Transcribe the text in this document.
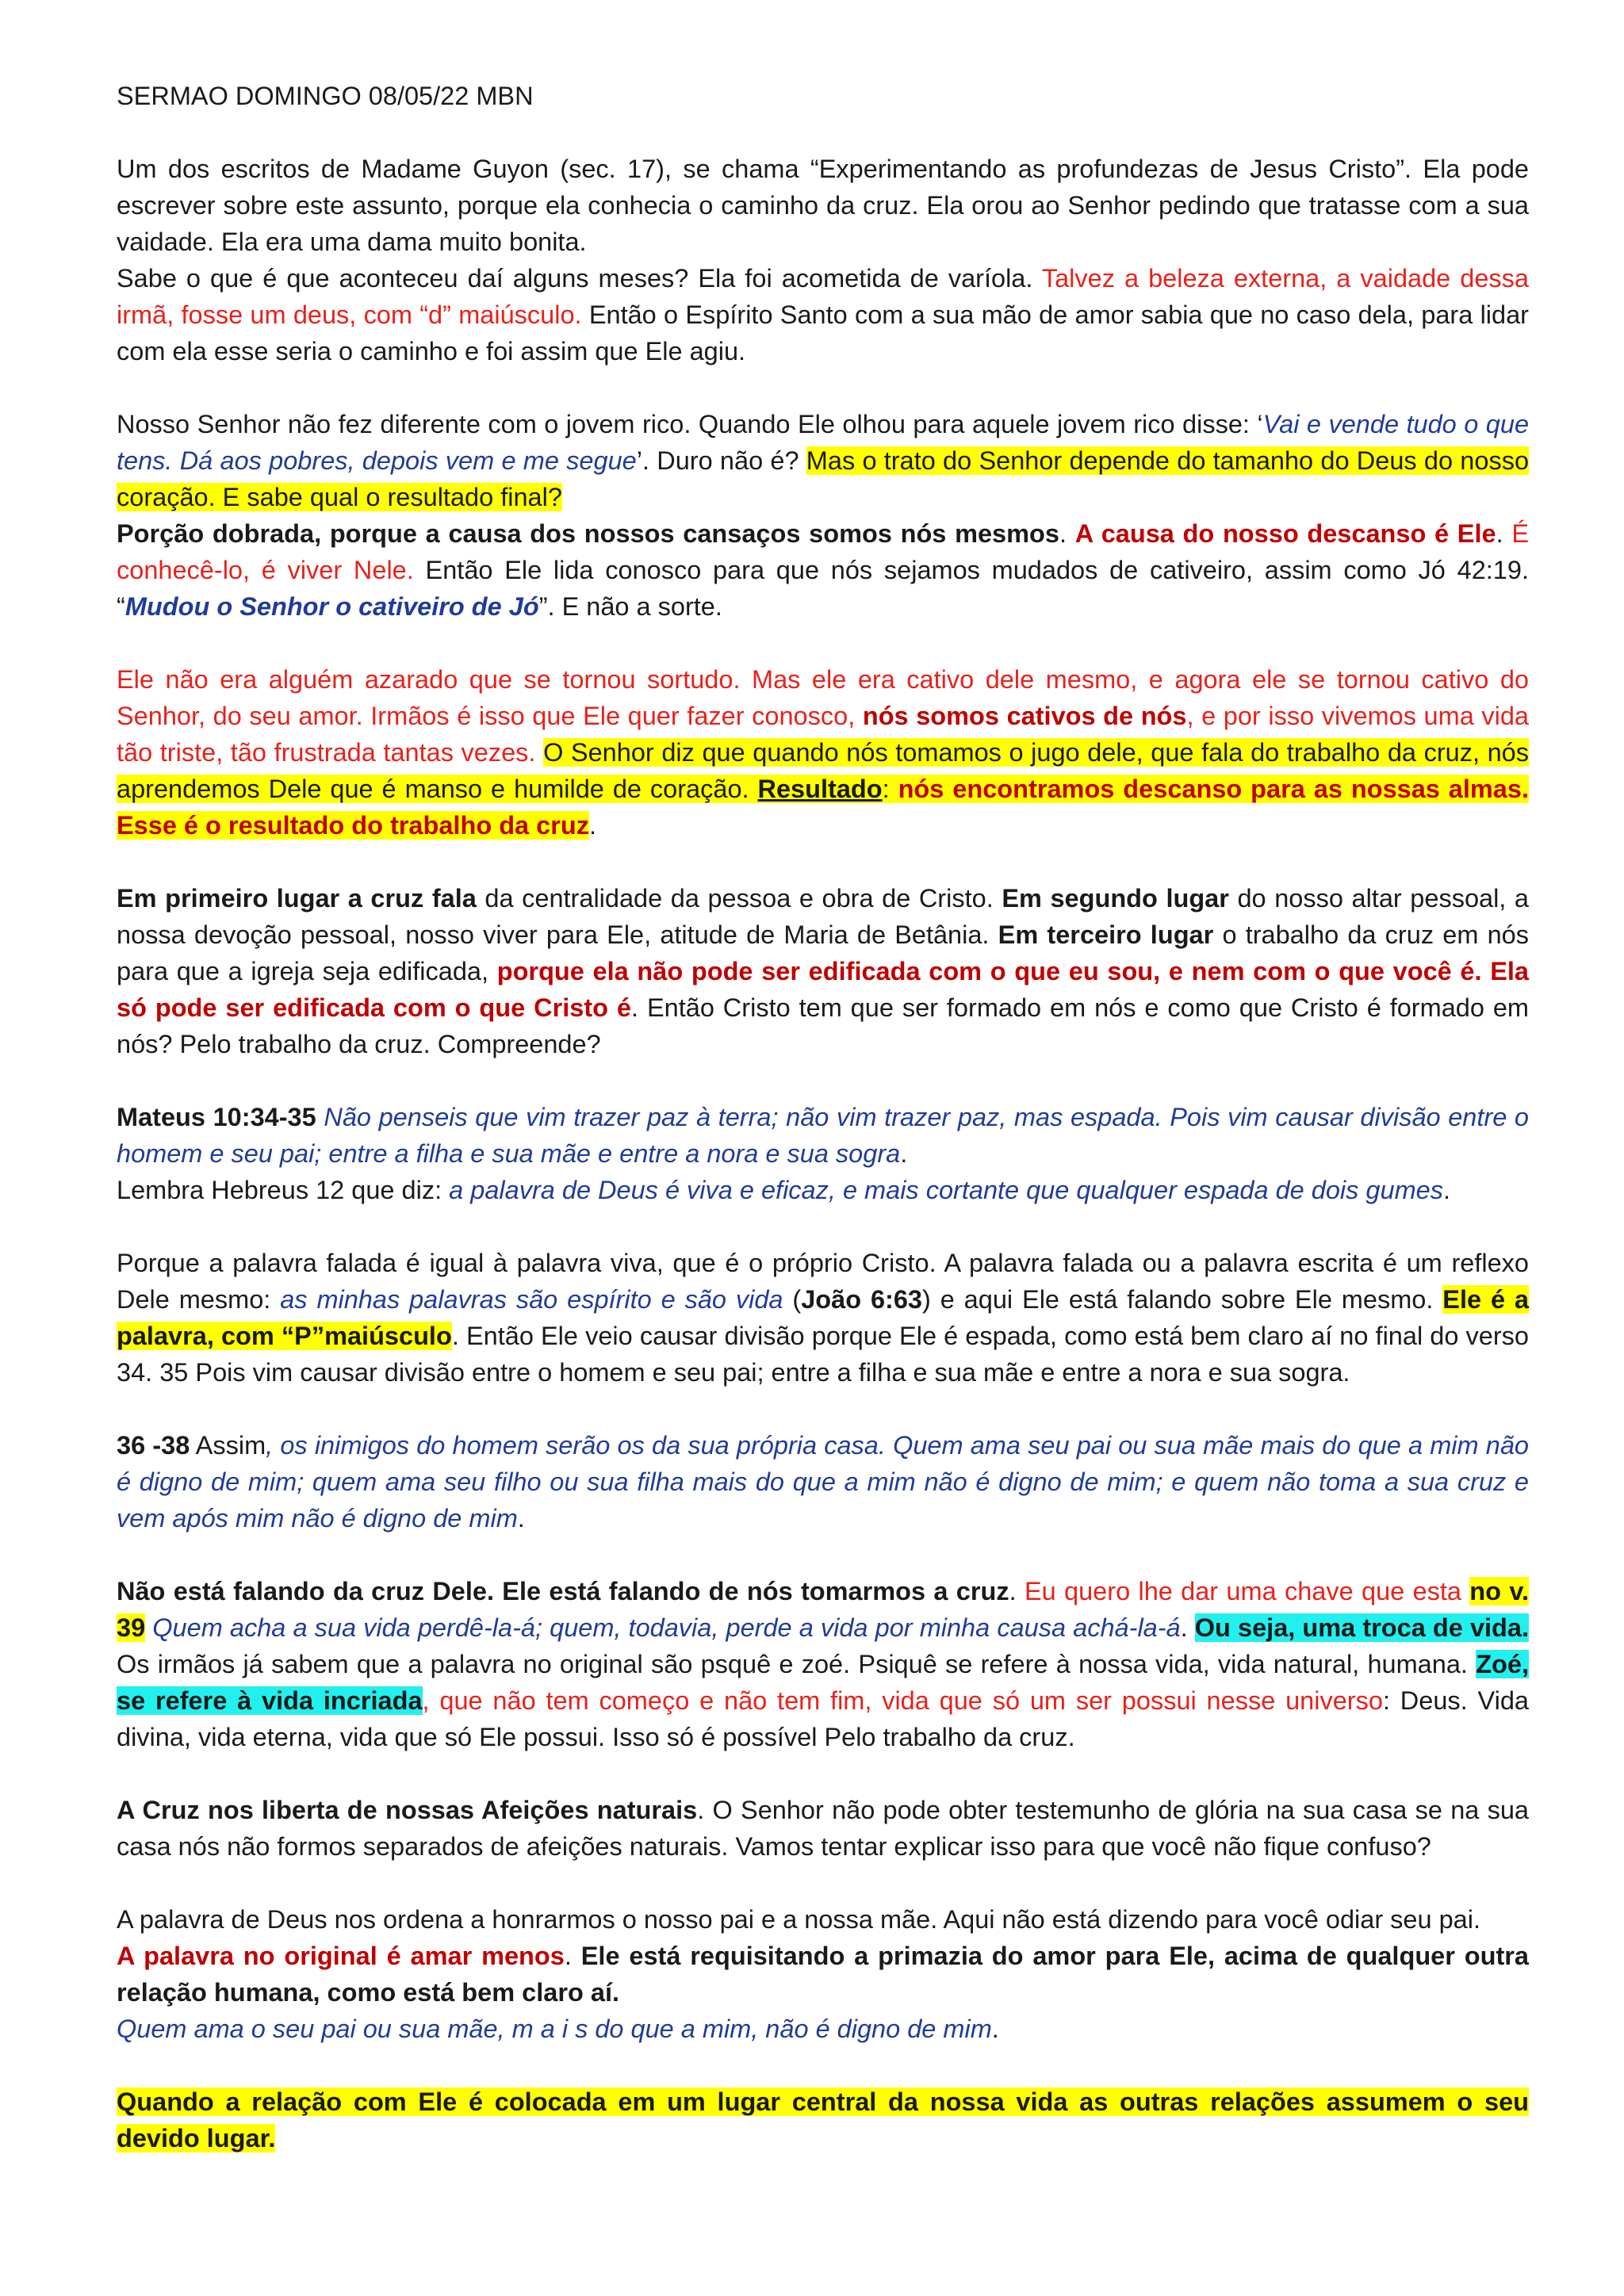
SERMAO DOMINGO 08/05/22 MBN

Um dos escritos de Madame Guyon (sec. 17), se chama “Experimentando as profundezas de Jesus Cristo”. Ela pode escrever sobre este assunto, porque ela conhecia o caminho da cruz. Ela orou ao Senhor pedindo que tratasse com a sua vaidade. Ela era uma dama muito bonita.
Sabe o que é que aconteceu daí alguns meses? Ela foi acometida de varíola. Talvez a beleza externa, a vaidade dessa irmã, fosse um deus, com “d” maiúsculo. Então o Espírito Santo com a sua mão de amor sabia que no caso dela, para lidar com ela esse seria o caminho e foi assim que Ele agiu.

Nosso Senhor não fez diferente com o jovem rico. Quando Ele olhou para aquele jovem rico disse: ‘Vai e vende tudo o que tens. Dá aos pobres, depois vem e me segue’. Duro não é? Mas o trato do Senhor depende do tamanho do Deus do nosso coração. E sabe qual o resultado final?
Porção dobrada, porque a causa dos nossos cansaços somos nós mesmos. A causa do nosso descanso é Ele. É conhecê-lo, é viver Nele. Então Ele lida conosco para que nós sejamos mudados de cativeiro, assim como Jó 42:19. “Mudou o Senhor o cativeiro de Jó”. E não a sorte.

Ele não era alguém azarado que se tornou sortudo. Mas ele era cativo dele mesmo, e agora ele se tornou cativo do Senhor, do seu amor. Irmãos é isso que Ele quer fazer conosco, nós somos cativos de nós, e por isso vivemos uma vida tão triste, tão frustrada tantas vezes. O Senhor diz que quando nós tomamos o jugo dele, que fala do trabalho da cruz, nós aprendemos Dele que é manso e humilde de coração. Resultado: nós encontramos descanso para as nossas almas. Esse é o resultado do trabalho da cruz.

Em primeiro lugar a cruz fala da centralidade da pessoa e obra de Cristo. Em segundo lugar do nosso altar pessoal, a nossa devoção pessoal, nosso viver para Ele, atitude de Maria de Betânia. Em terceiro lugar o trabalho da cruz em nós para que a igreja seja edificada, porque ela não pode ser edificada com o que eu sou, e nem com o que você é. Ela só pode ser edificada com o que Cristo é. Então Cristo tem que ser formado em nós e como que Cristo é formado em nós? Pelo trabalho da cruz. Compreende?

Mateus 10:34-35 Não penseis que vim trazer paz à terra; não vim trazer paz, mas espada. Pois vim causar divisão entre o homem e seu pai; entre a filha e sua mãe e entre a nora e sua sogra.
Lembra Hebreus 12 que diz: a palavra de Deus é viva e eficaz, e mais cortante que qualquer espada de dois gumes.

Porque a palavra falada é igual à palavra viva, que é o próprio Cristo. A palavra falada ou a palavra escrita é um reflexo Dele mesmo: as minhas palavras são espírito e são vida (João 6:63) e aqui Ele está falando sobre Ele mesmo. Ele é a palavra, com “P”maiúsculo. Então Ele veio causar divisão porque Ele é espada, como está bem claro aí no final do verso 34. 35 Pois vim causar divisão entre o homem e seu pai; entre a filha e sua mãe e entre a nora e sua sogra.

36 -38 Assim, os inimigos do homem serão os da sua própria casa. Quem ama seu pai ou sua mãe mais do que a mim não é digno de mim; quem ama seu filho ou sua filha mais do que a mim não é digno de mim; e quem não toma a sua cruz e vem após mim não é digno de mim.

Não está falando da cruz Dele. Ele está falando de nós tomarmos a cruz. Eu quero lhe dar uma chave que esta no v. 39 Quem acha a sua vida perdê-la-á; quem, todavia, perde a vida por minha causa achá-la-á. Ou seja, uma troca de vida. Os irmãos já sabem que a palavra no original são psquê e zoé. Psiquê se refere à nossa vida, vida natural, humana. Zoé, se refere à vida incriada, que não tem começo e não tem fim, vida que só um ser possui nesse universo: Deus. Vida divina, vida eterna, vida que só Ele possui. Isso só é possível Pelo trabalho da cruz.

A Cruz nos liberta de nossas Afeições naturais. O Senhor não pode obter testemunho de glória na sua casa se na sua casa nós não formos separados de afeições naturais. Vamos tentar explicar isso para que você não fique confuso?

A palavra de Deus nos ordena a honrarmos o nosso pai e a nossa mãe. Aqui não está dizendo para você odiar seu pai.
A palavra no original é amar menos. Ele está requisitando a primazia do amor para Ele, acima de qualquer outra relação humana, como está bem claro aí.
Quem ama o seu pai ou sua mãe, m a i s do que a mim, não é digno de mim.

Quando a relação com Ele é colocada em um lugar central da nossa vida as outras relações assumem o seu devido lugar.
